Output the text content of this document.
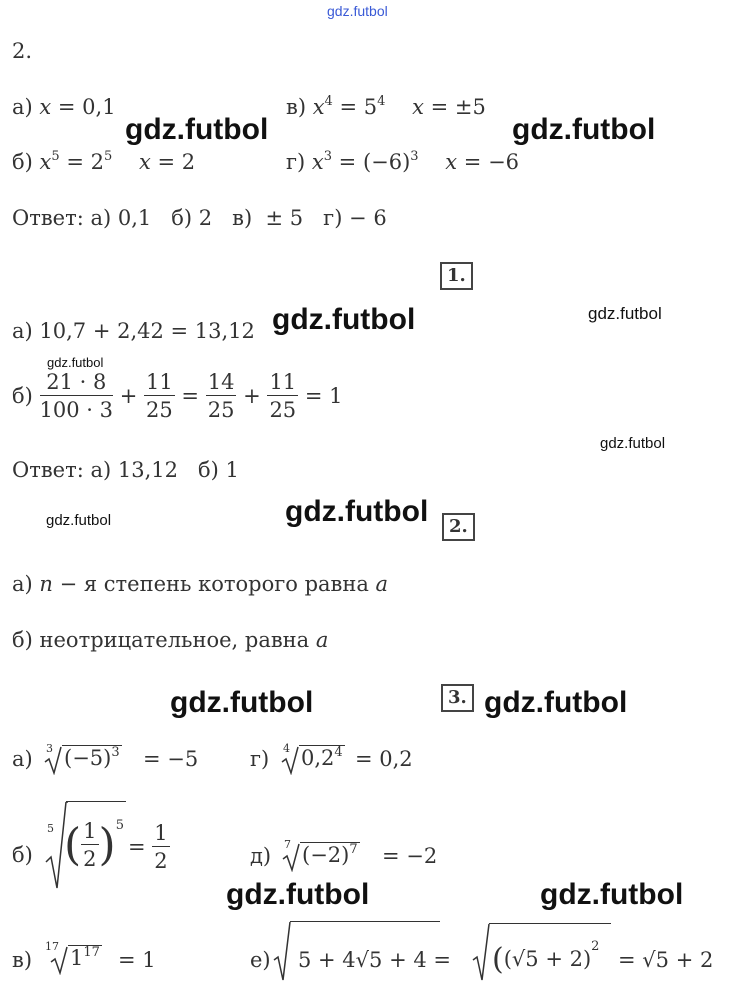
gdz.futbol
gdz.futbol	gdz.futbol
gdz.futbol	gdz.futbol
gdz.futbol
gdz.futbol
gdz.futbol	gdz.futbol
gdz.futbol	gdz.futbol
gdz.futbol	gdz.futbol
2.
а) x = 0,1	в) $x^4 = 5^4$ x = ±5
б) $x^5 = 2^5$ x = 2	г) $x^3 = (-6)^3$ x = −6
Ответ: а) 0,1   б) 2   в)  ± 5   г) − 6
1.
а) 10,7 + 2,42 = 13,12
$б) \frac{21 \cdot 8}{100 \cdot 3} + \frac{11}{25} = \frac{14}{25} + \frac{11}{25} = 1$
Ответ: а) 13,12   б) 1
2.
а) n − я степень которого равна a
б) неотрицательное, равна a
3.
а) 3 $(-5)^3 = -5$ г) 4 $0,2^4 = 0,2$
б)
5 ( $\frac{1}{2} )^5$
= $\frac{1}{2}$	д) 7 $(-2)^7 = -2$
в)
17 $1^{17} = 1$	е) $5 + 4√5 + 4 = ((√5 + 2)^2$
= √5 + 2
